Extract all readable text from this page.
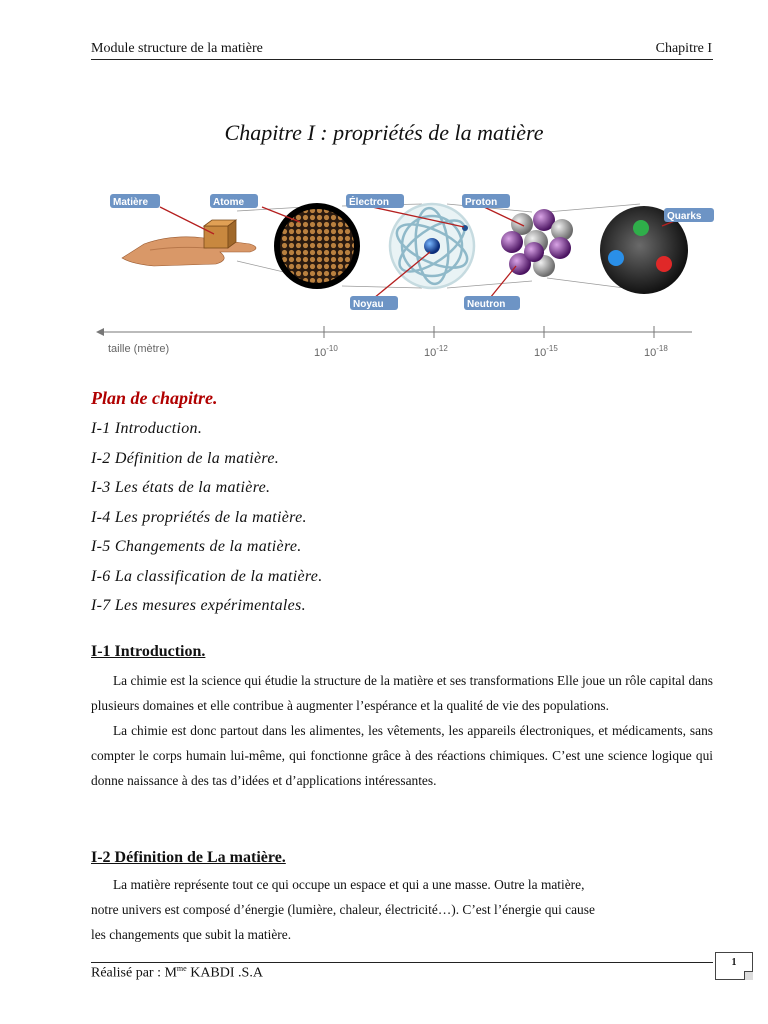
Module structure de la matière	Chapitre I
Chapitre I : propriétés de la matière
Matière	Atome	Électron	Proton
Quarks
Noyau	Neutron
taille (mètre)	$10^{-10}$	$10^{-12}$	$10^{-15}$	$10^{-18}$
Plan de chapitre.
I-1 Introduction.
I-2 Définition de la matière.
I-3 Les états de la matière.
I-4 Les propriétés de la matière.
I-5 Changements de la matière.
I-6 La classification de la matière.
I-7 Les mesures expérimentales.
I-1 Introduction.

La chimie est la science qui étudie la structure de la matière et ses transformations Elle joue un rôle capital dans plusieurs domaines et elle contribue à augmenter l’espérance et la qualité de vie des populations.

La chimie est donc partout dans les alimentes, les vêtements, les appareils électroniques, et médicaments, sans compter le corps humain lui-même, qui fonctionne grâce à des réactions chimiques. C’est une science logique qui donne naissance à des tas d’idées et d’applications intéressantes.

I-2 Définition de La matière.
La matière représente tout ce qui occupe un espace et qui a une masse. Outre la matière,
notre univers est composé d’énergie (lumière, chaleur, électricité…). C’est l’énergie qui cause
les changements que subit la matière.
Réalisé par : $M^{me}$ KABDI .S.A
1
